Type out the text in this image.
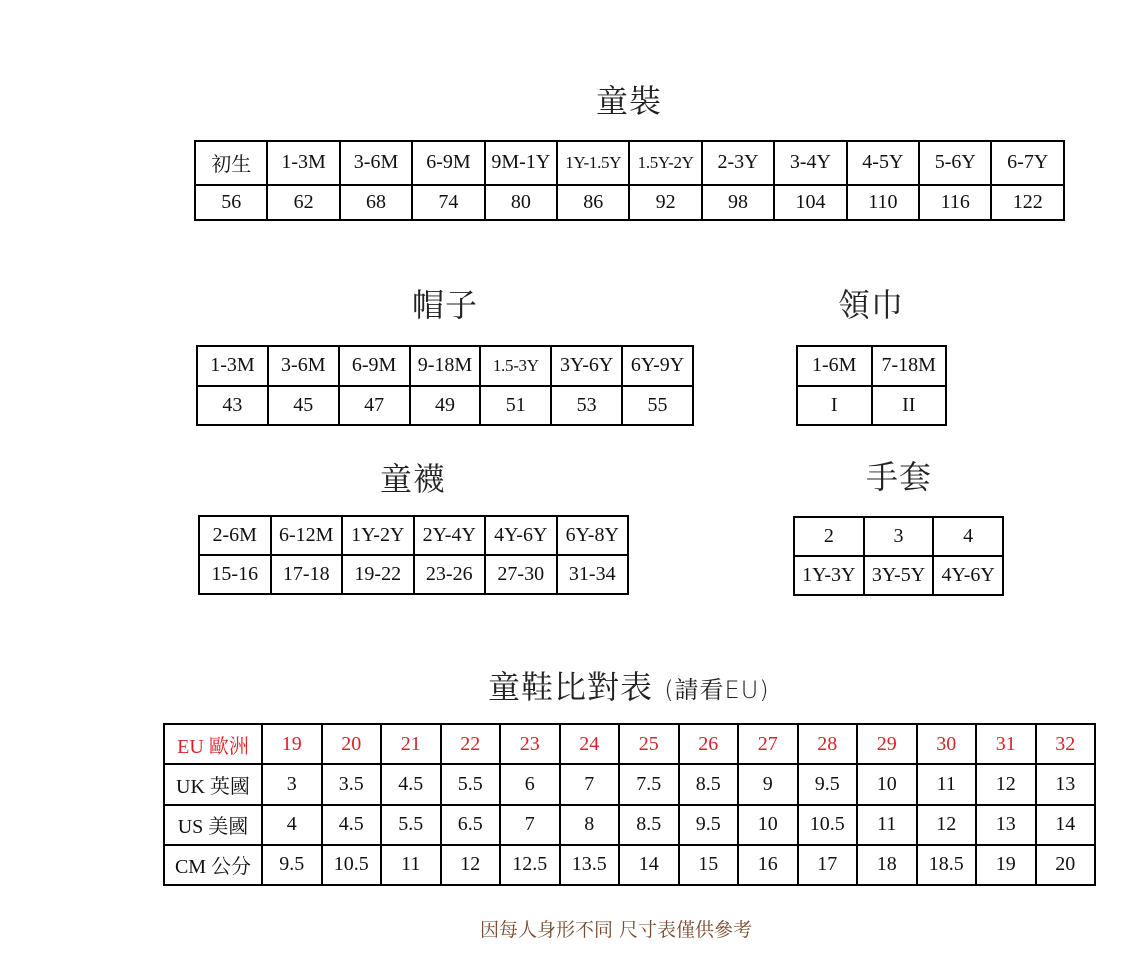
童裝
初生	1-3M	3-6M	6-9M	9M-1Y	1Y-1.5Y	1.5Y-2Y	2-3Y	3-4Y	4-5Y	5-6Y	6-7Y
56	62	68	74	80	86	92	98	104	110	116	122
帽子
1-3M	3-6M	6-9M	9-18M	1.5-3Y	3Y-6Y	6Y-9Y
43	45	47	49	51	53	55
領巾
1-6M	7-18M
I	II
童襪
2-6M	6-12M	1Y-2Y	2Y-4Y	4Y-6Y	6Y-8Y
15-16	17-18	19-22	23-26	27-30	31-34
手套
2	3	4
1Y-3Y	3Y-5Y	4Y-6Y
童鞋比對表 (請看EU)
EU 歐洲	19	20	21	22	23	24	25	26	27	28	29	30	31	32
UK 英國	3	3.5	4.5	5.5	6	7	7.5	8.5	9	9.5	10	11	12	13
US 美國	4	4.5	5.5	6.5	7	8	8.5	9.5	10	10.5	11	12	13	14
CM 公分	9.5	10.5	11	12	12.5	13.5	14	15	16	17	18	18.5	19	20
因每人身形不同 尺寸表僅供參考
